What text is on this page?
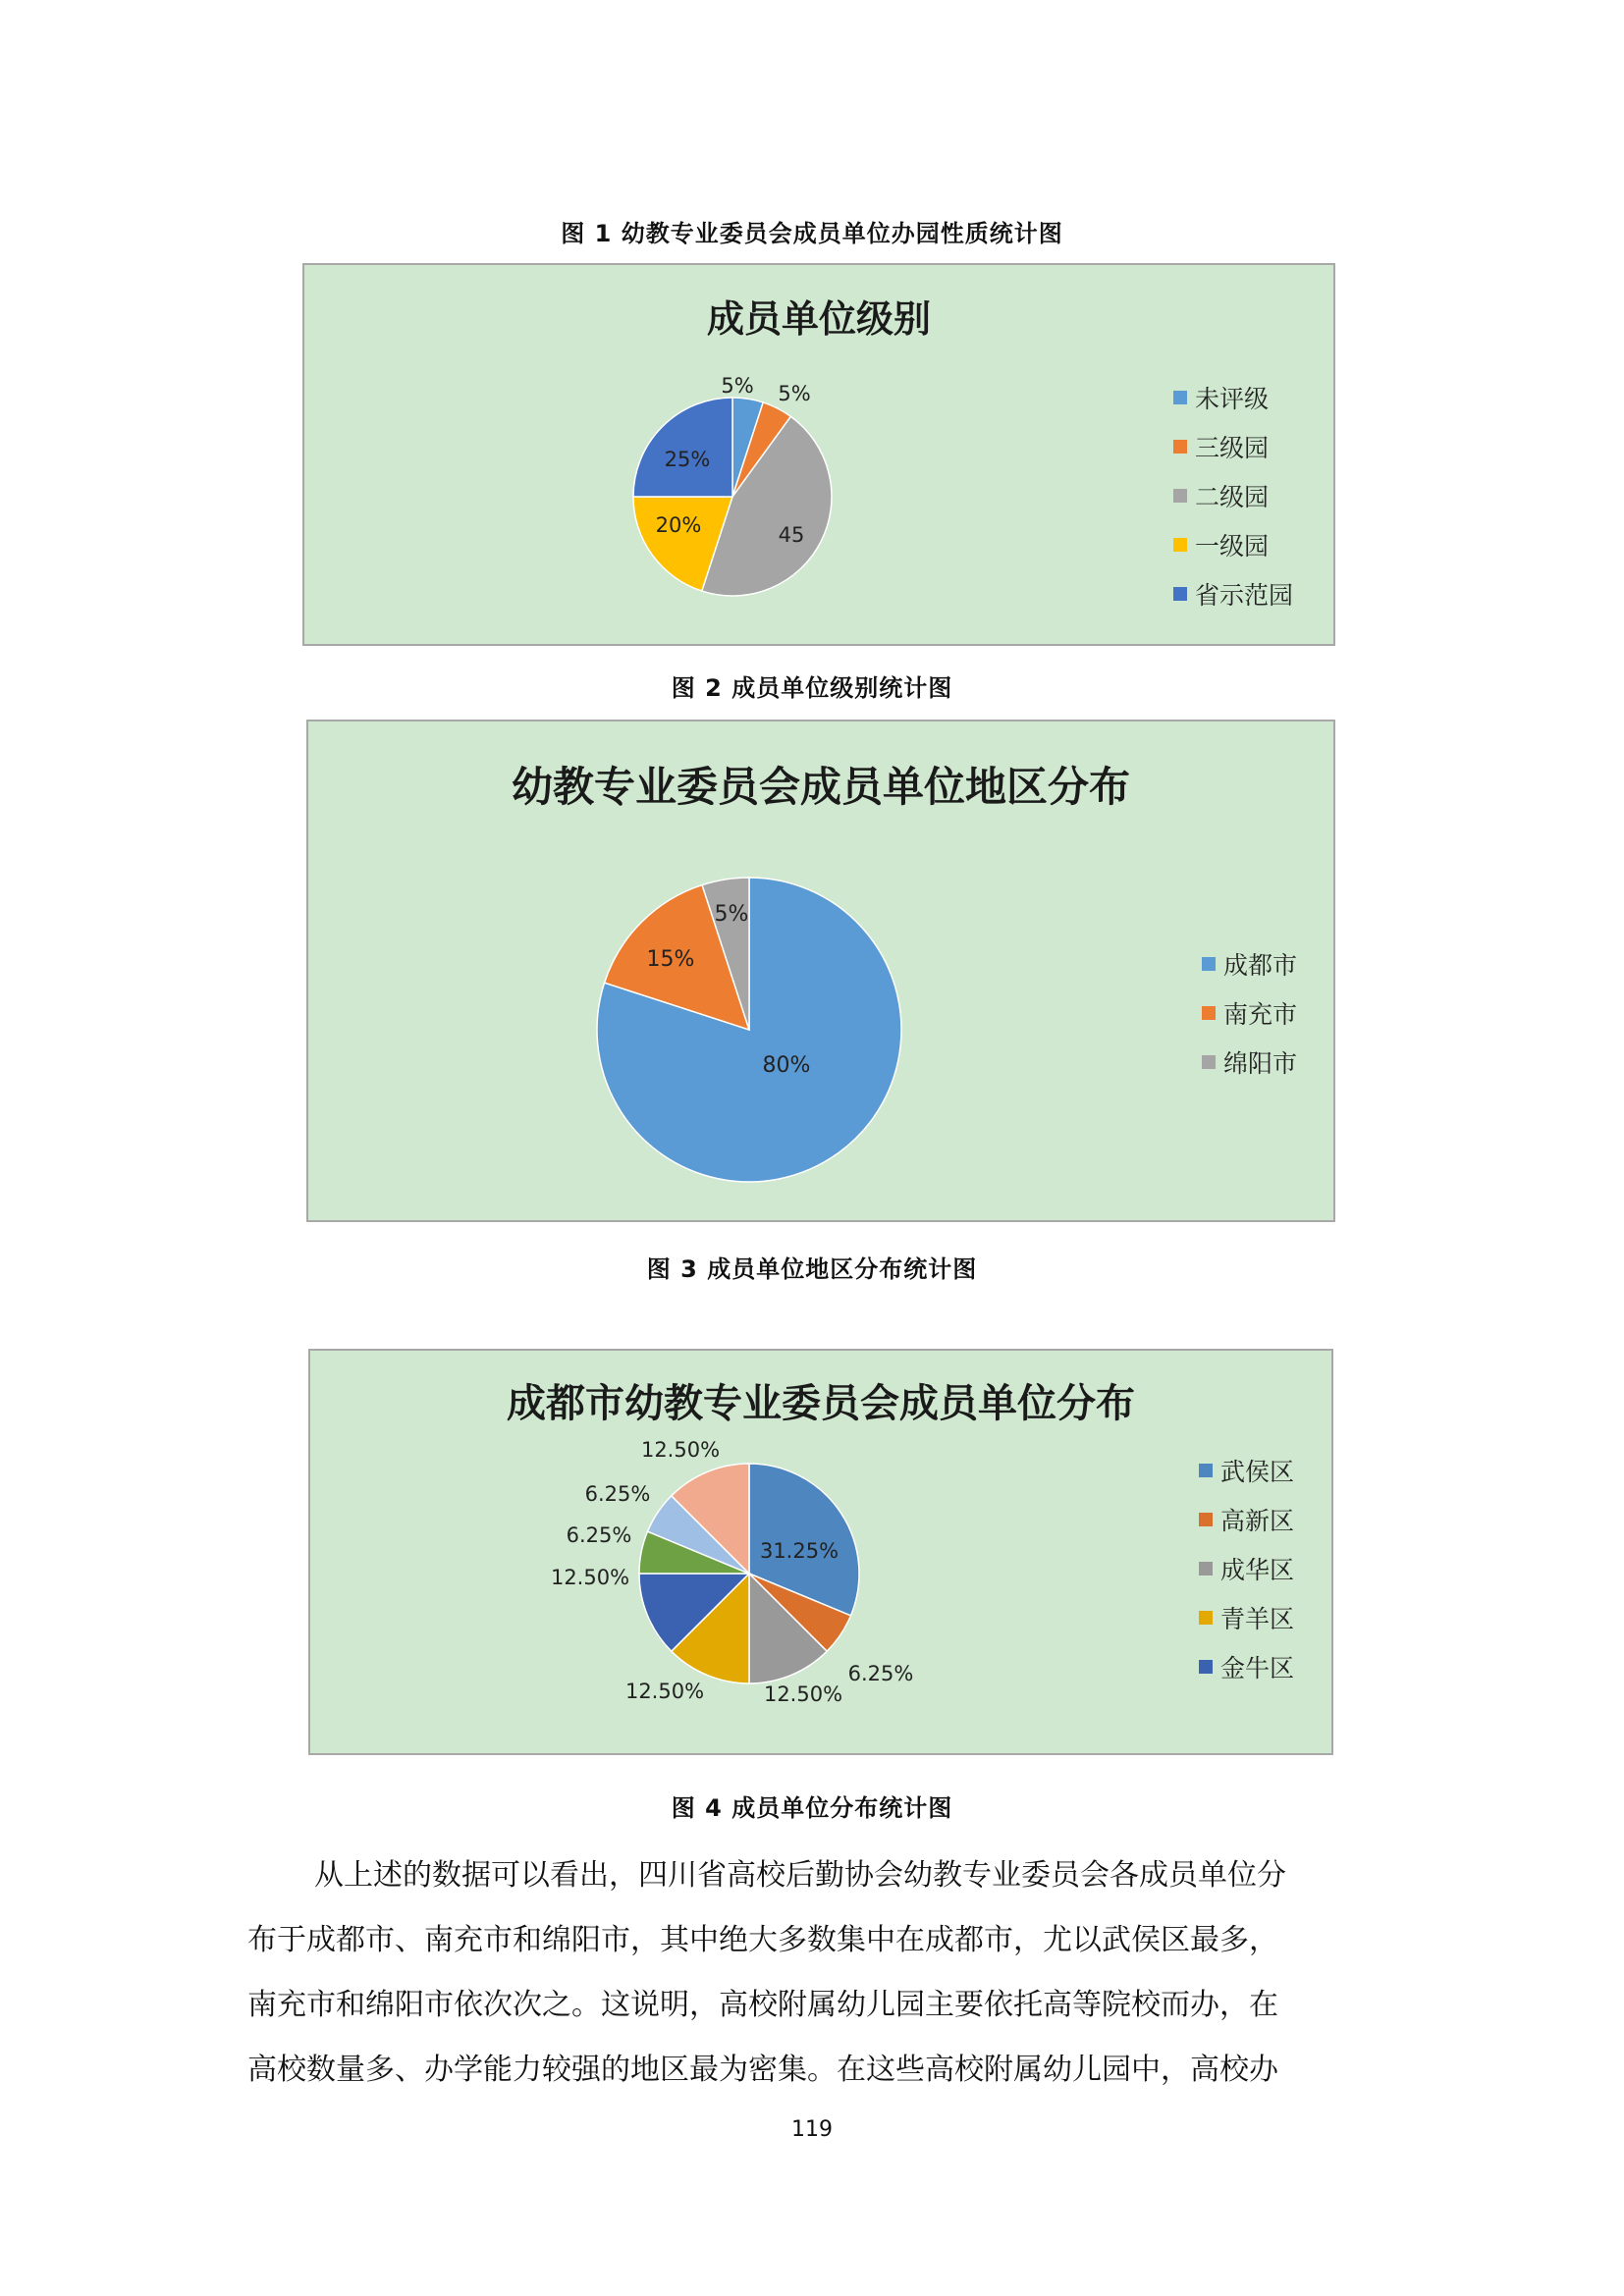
图 1 幼教专业委员会成员单位办园性质统计图
成员单位级别
5% 5%
45
20%
25%
未评级
三级园
二级园
一级园
省示范园
图 2 成员单位级别统计图
幼教专业委员会成员单位地区分布
80%
15%
5%
成都市
南充市
绵阳市
图 3 成员单位地区分布统计图
成都市幼教专业委员会成员单位分布
31.25%
6.25%
12.50%
12.50%
12.50%
6.25%
6.25%
12.50%
武侯区
高新区
成华区
青羊区
金牛区
图 4 成员单位分布统计图
从上述的数据可以看出，四川省高校后勤协会幼教专业委员会各成员单位分
布于成都市、南充市和绵阳市，其中绝大多数集中在成都市，尤以武侯区最多，
南充市和绵阳市依次次之。这说明，高校附属幼儿园主要依托高等院校而办，在
高校数量多、办学能力较强的地区最为密集。在这些高校附属幼儿园中，高校办
119
